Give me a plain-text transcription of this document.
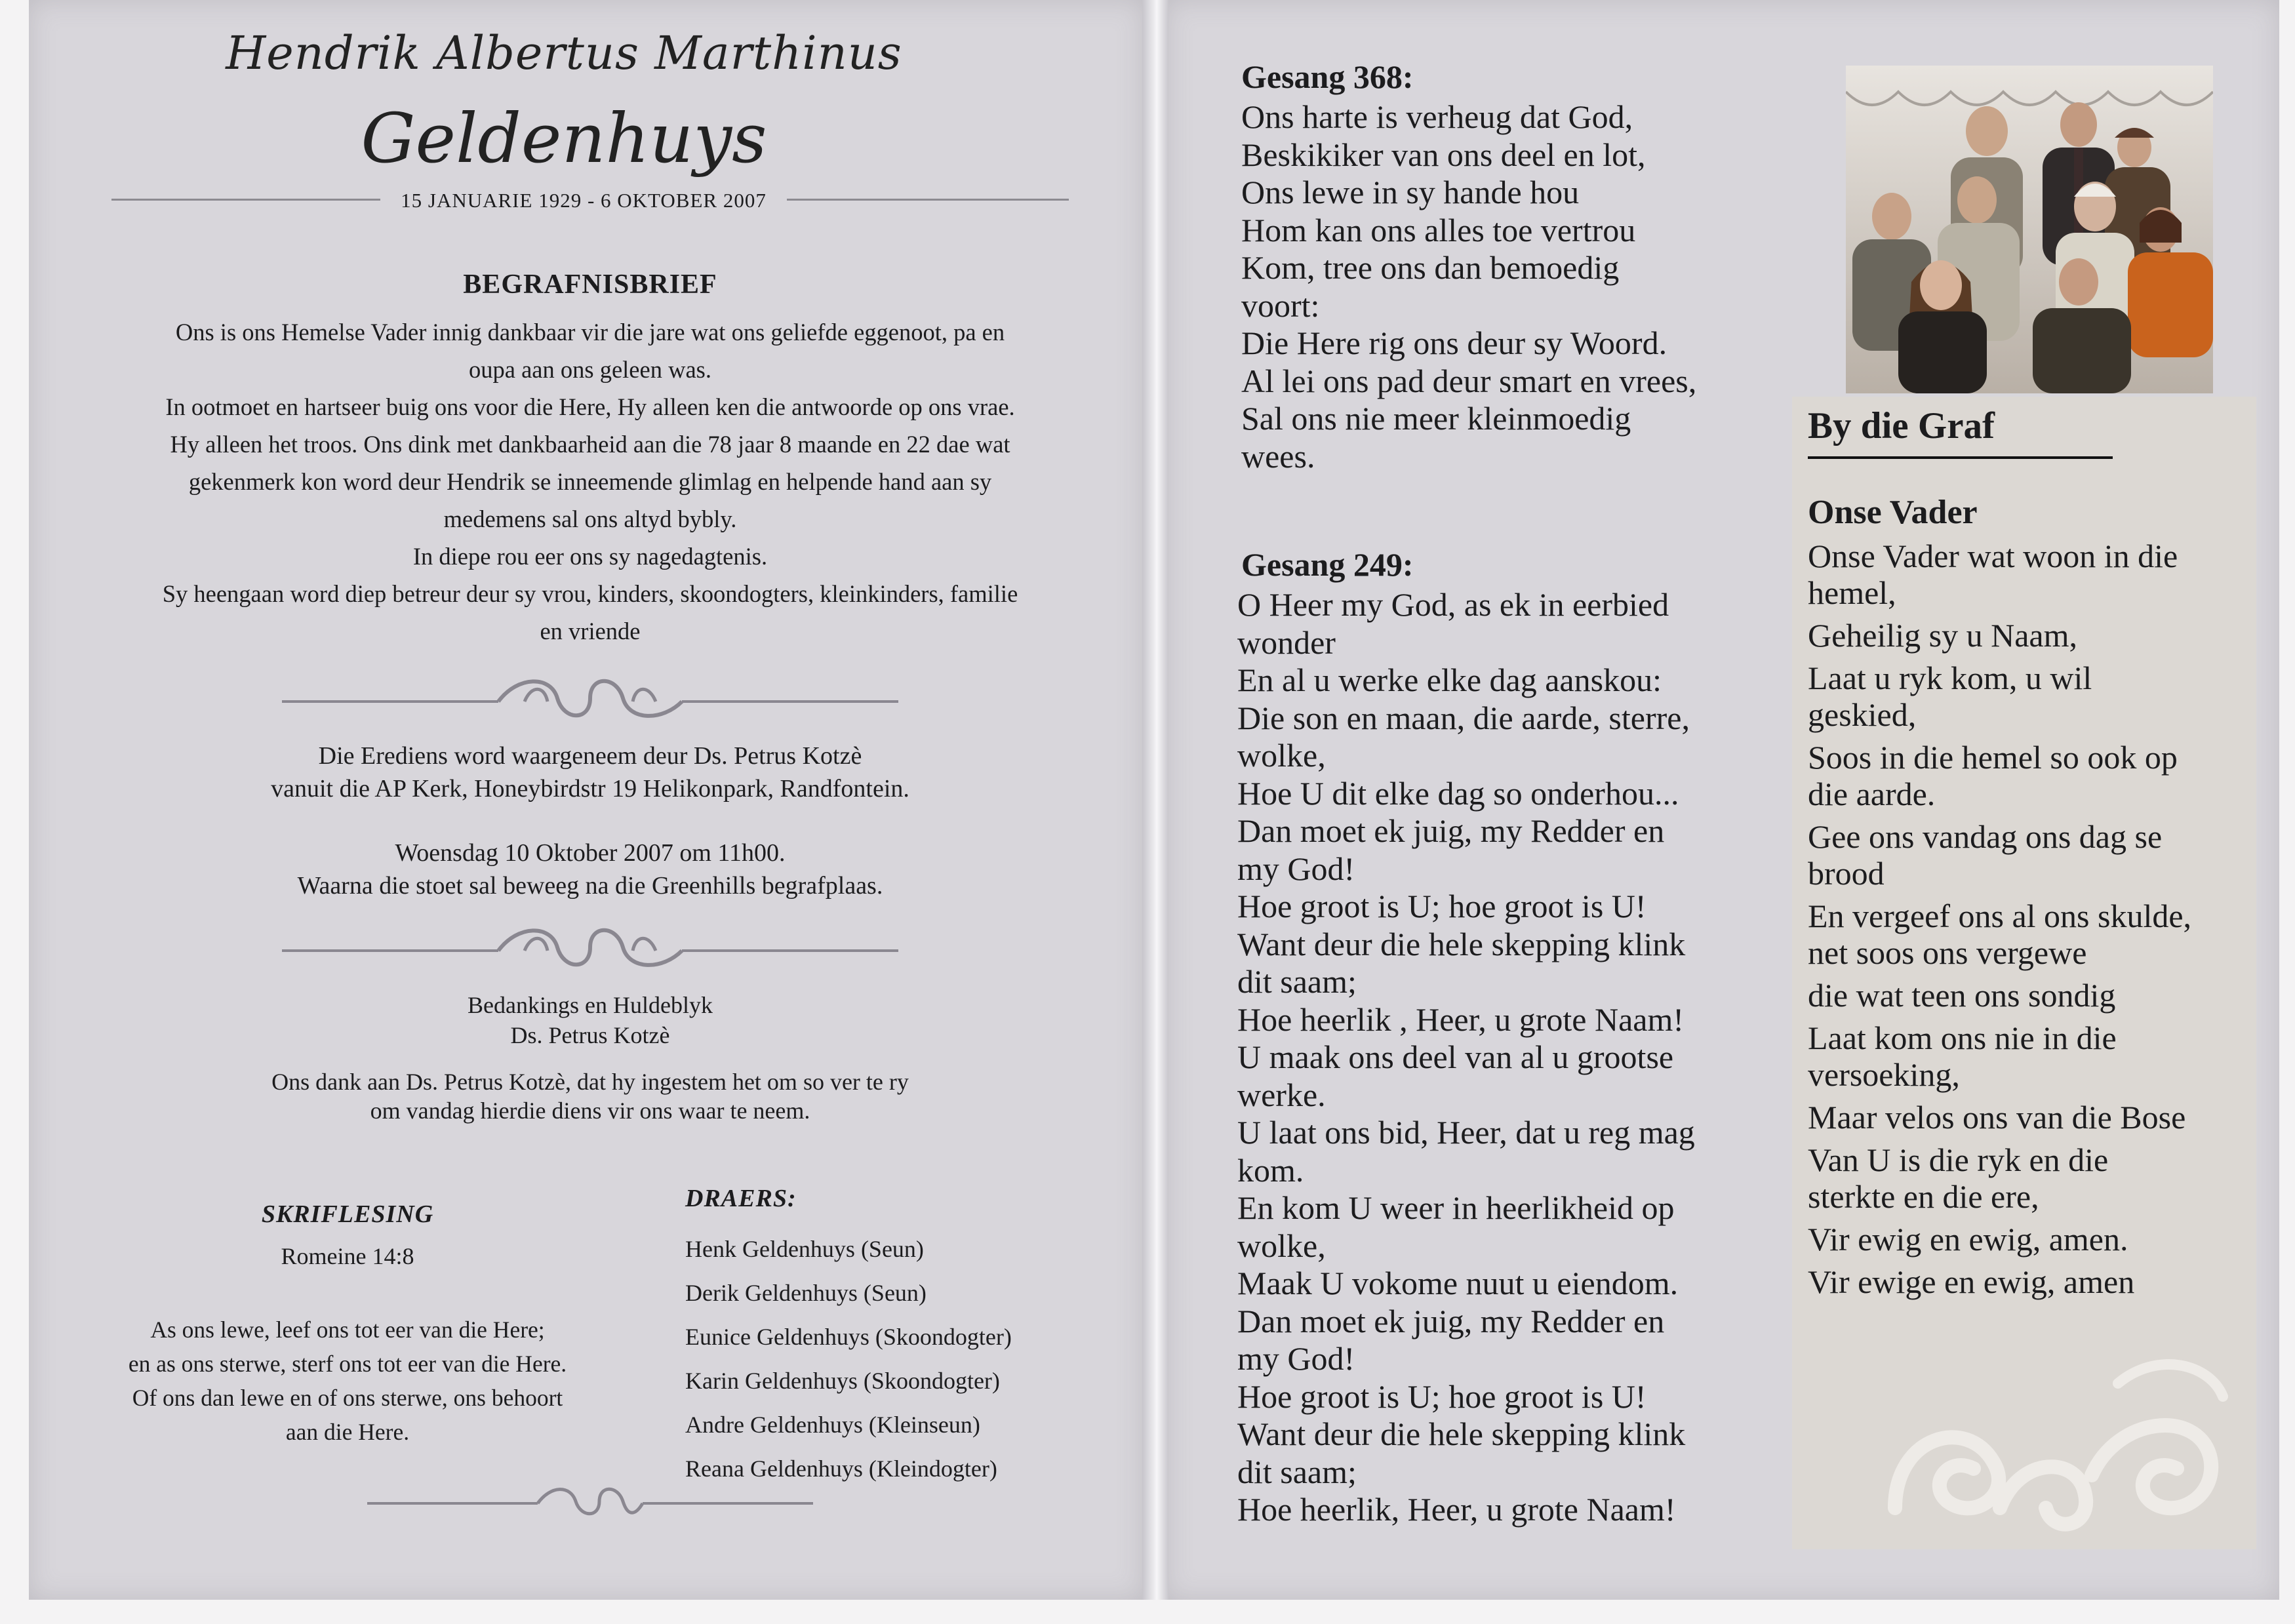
Hendrik Albertus Marthinus
Geldenhuys
15 JANUARIE 1929 - 6 OKTOBER 2007
BEGRAFNISBRIEF

Ons is ons Hemelse Vader innig dankbaar vir die jare wat ons geliefde eggenoot, pa en

oupa aan ons geleen was.

In ootmoet en hartseer buig ons voor die Here, Hy alleen ken die antwoorde op ons vrae.

Hy alleen het troos. Ons dink met dankbaarheid aan die 78 jaar 8 maande en 22 dae wat

gekenmerk kon word deur Hendrik se inneemende glimlag en helpende hand aan sy

medemens sal ons altyd bybly.

In diepe rou eer ons sy nagedagtenis.

Sy heengaan word diep betreur deur sy vrou, kinders, skoondogters, kleinkinders, familie

en vriende

Die Erediens word waargeneem deur Ds. Petrus Kotzè

vanuit die AP Kerk, Honeybirdstr 19 Helikonpark, Randfontein.

Woensdag 10 Oktober 2007 om 11h00.

Waarna die stoet sal beweeg na die Greenhills begrafplaas.

Bedankings en Huldeblyk

Ds. Petrus Kotzè

Ons dank aan Ds. Petrus Kotzè, dat hy ingestem het om so ver te ry

om vandag hierdie diens vir ons waar te neem.

SKRIFLESING
Romeine 14:8

As ons lewe, leef ons tot eer van die Here;

en as ons sterwe, sterf ons tot eer van die Here.

Of ons dan lewe en of ons sterwe, ons behoort

aan die Here.

DRAERS:
Henk Geldenhuys (Seun)
Derik Geldenhuys (Seun)
Eunice Geldenhuys (Skoondogter)
Karin Geldenhuys (Skoondogter)
Andre Geldenhuys (Kleinseun)
Reana Geldenhuys (Kleindogter)
Gesang 368:

Ons harte is verheug dat God,

Beskikiker van ons deel en lot,

Ons lewe in sy hande hou

Hom kan ons alles toe vertrou

Kom, tree ons dan bemoedig

voort:

Die Here rig ons deur sy Woord.

Al lei ons pad deur smart en vrees,

Sal ons nie meer kleinmoedig

wees.

Gesang 249:

O Heer my God, as ek in eerbied

wonder

En al u werke elke dag aanskou:

Die son en maan, die aarde, sterre,

wolke,

Hoe U dit elke dag so onderhou...

Dan moet ek juig, my Redder en

my God!

Hoe groot is U; hoe groot is U!

Want deur die hele skepping klink

dit saam;

Hoe heerlik , Heer, u grote Naam!

U maak ons deel van al u grootse

werke.

U laat ons bid, Heer, dat u reg mag

kom.

En kom U weer in heerlikheid op

wolke,

Maak U vokome nuut u eiendom.

Dan moet ek juig, my Redder en

my God!

Hoe groot is U; hoe groot is U!

Want deur die hele skepping klink

dit saam;

Hoe heerlik, Heer, u grote Naam!

By die Graf
Onse Vader

Onse Vader wat woon in die
hemel,

Geheilig sy u Naam,

Laat u ryk kom, u wil
geskied,

Soos in die hemel so ook op
die aarde.

Gee ons vandag ons dag se
brood

En vergeef ons al ons skulde,
net soos ons vergewe

die wat teen ons sondig

Laat kom ons nie in die
versoeking,

Maar velos ons van die Bose

Van U is die ryk en die
sterkte en die ere,

Vir ewig en ewig, amen.

Vir ewige en ewig, amen
